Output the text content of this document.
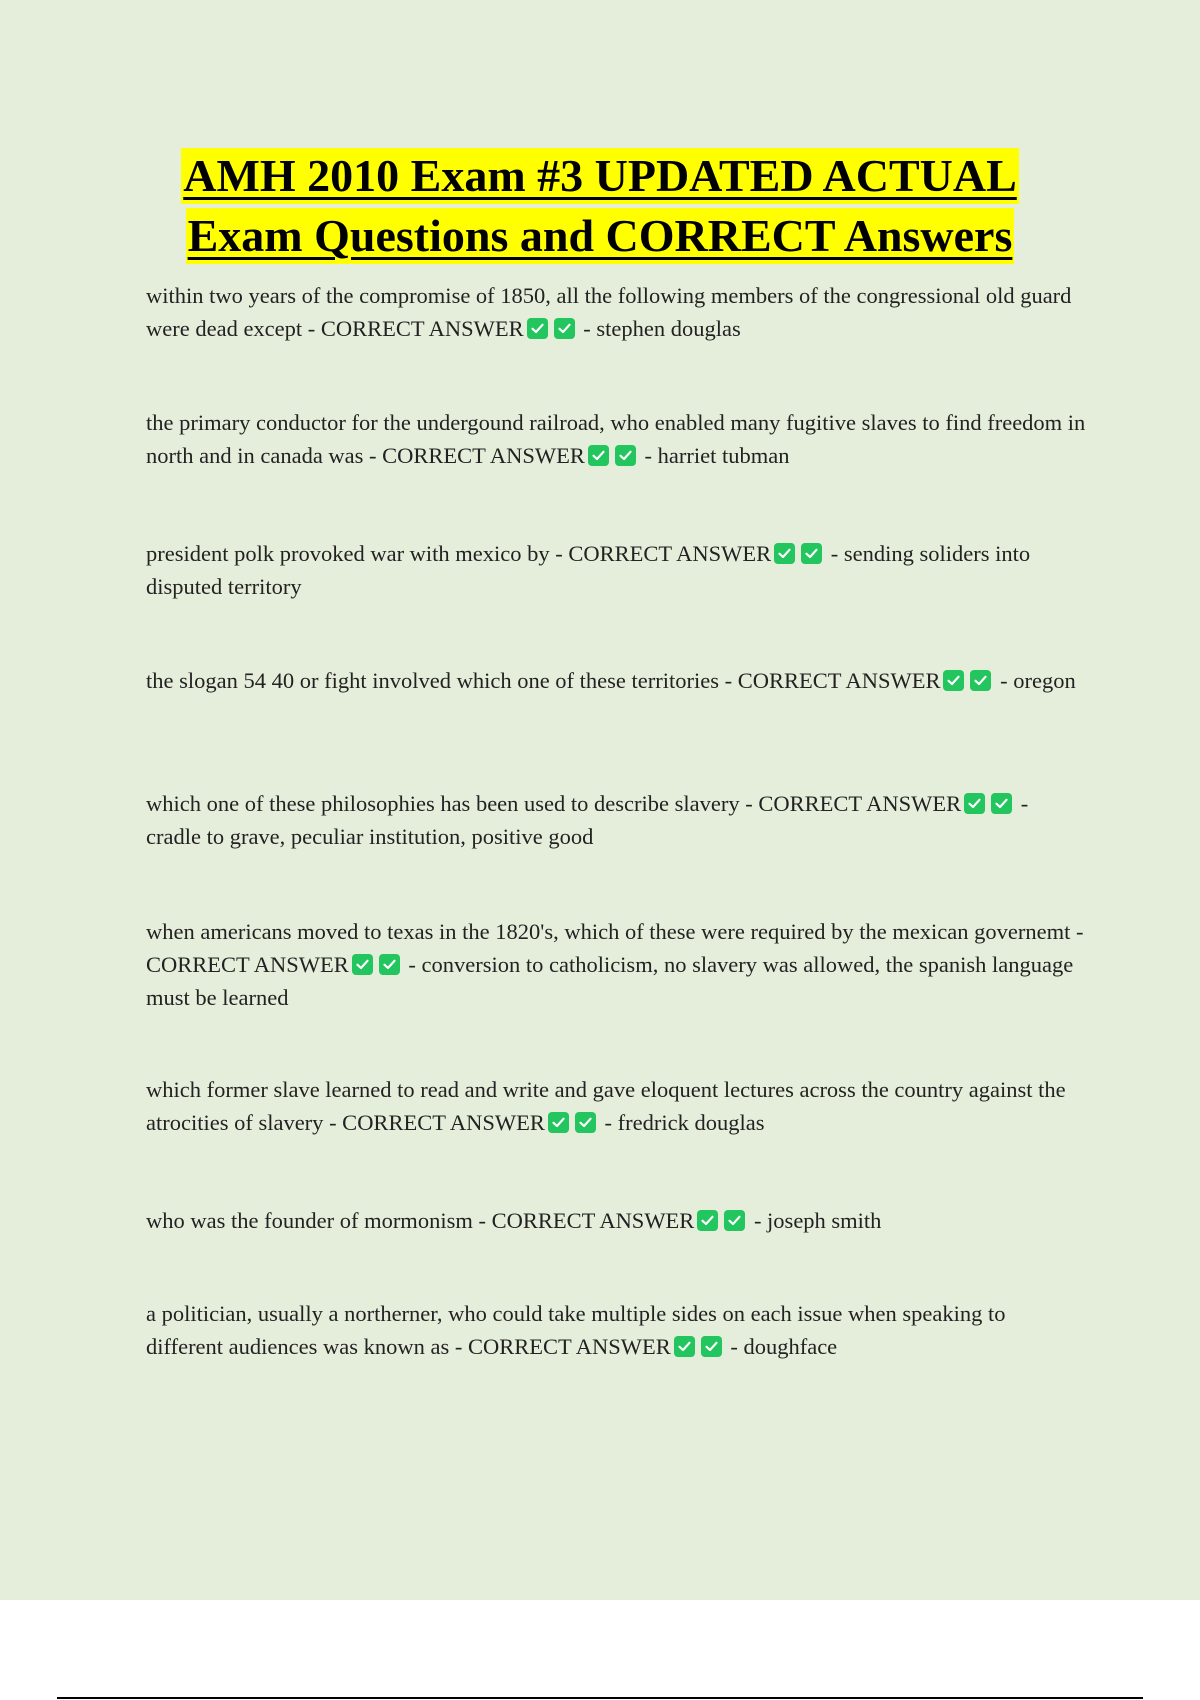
AMH 2010 Exam #3 UPDATED ACTUAL
Exam Questions and CORRECT Answers
within two years of the compromise of 1850, all the following members of the congressional old guard were dead except - CORRECT ANSWER	- stephen douglas
the primary conductor for the undergound railroad, who enabled many fugitive slaves to find freedom in north and in canada was - CORRECT ANSWER	- harriet tubman
president polk provoked war with mexico by - CORRECT ANSWER	- sending soliders into disputed territory
the slogan 54 40 or fight involved which one of these territories - CORRECT ANSWER	- oregon
which one of these philosophies has been used to describe slavery - CORRECT ANSWER	- cradle to grave, peculiar institution, positive good
when americans moved to texas in the 1820's, which of these were required by the mexican governemt - CORRECT ANSWER	- conversion to catholicism, no slavery was allowed, the spanish language must be learned
which former slave learned to read and write and gave eloquent lectures across the country against the atrocities of slavery - CORRECT ANSWER	- fredrick douglas
who was the founder of mormonism - CORRECT ANSWER	- joseph smith
a politician, usually a northerner, who could take multiple sides on each issue when speaking to different audiences was known as - CORRECT ANSWER	- doughface
